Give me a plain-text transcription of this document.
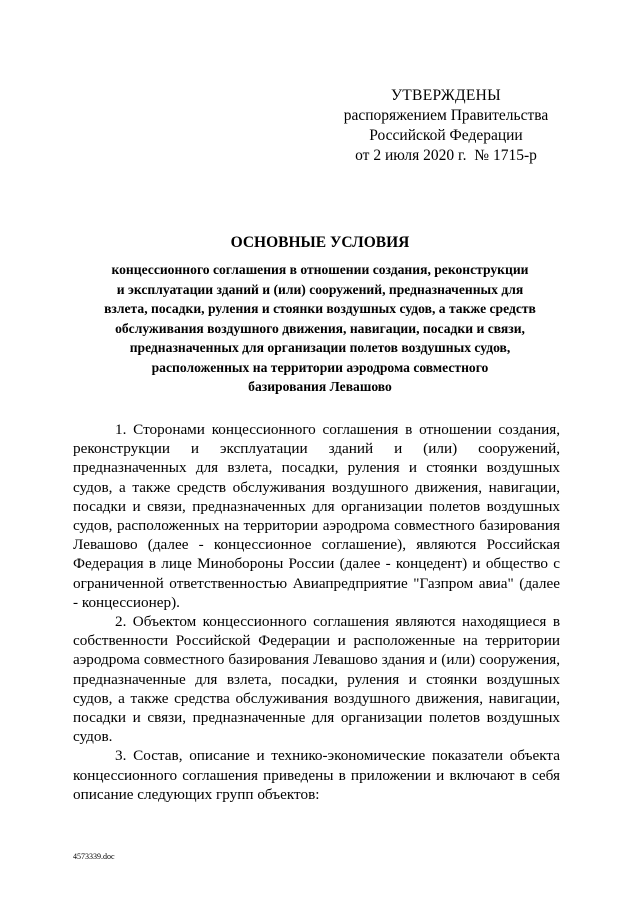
УТВЕРЖДЕНЫ
распоряжением Правительства
Российской Федерации
от 2 июля 2020 г.  № 1715-р
ОСНОВНЫЕ УСЛОВИЯ
концессионного соглашения в отношении создания, реконструкции
и эксплуатации зданий и (или) сооружений, предназначенных для
взлета, посадки, руления и стоянки воздушных судов, а также средств
обслуживания воздушного движения, навигации, посадки и связи,
предназначенных для организации полетов воздушных судов,
расположенных на территории аэродрома совместного
базирования Левашово

1. Сторонами концессионного соглашения в отношении создания, реконструкции и эксплуатации зданий и (или) сооружений, предназначенных для взлета, посадки, руления и стоянки воздушных судов, а также средств обслуживания воздушного движения, навигации, посадки и связи, предназначенных для организации полетов воздушных судов, расположенных на территории аэродрома совместного базирования Левашово (далее - концессионное соглашение), являются Российская Федерация в лице Минобороны России (далее - концедент) и общество с ограниченной ответственностью Авиапредприятие "Газпром авиа" (далее - концессионер).

2. Объектом концессионного соглашения являются находящиеся в собственности Российской Федерации и расположенные на территории аэродрома совместного базирования Левашово здания и (или) сооружения, предназначенные для взлета, посадки, руления и стоянки воздушных судов, а также средства обслуживания воздушного движения, навигации, посадки и связи, предназначенные для организации полетов воздушных судов.

3. Состав, описание и технико-экономические показатели объекта концессионного соглашения приведены в приложении и включают в себя описание следующих групп объектов:

4573339.doc
